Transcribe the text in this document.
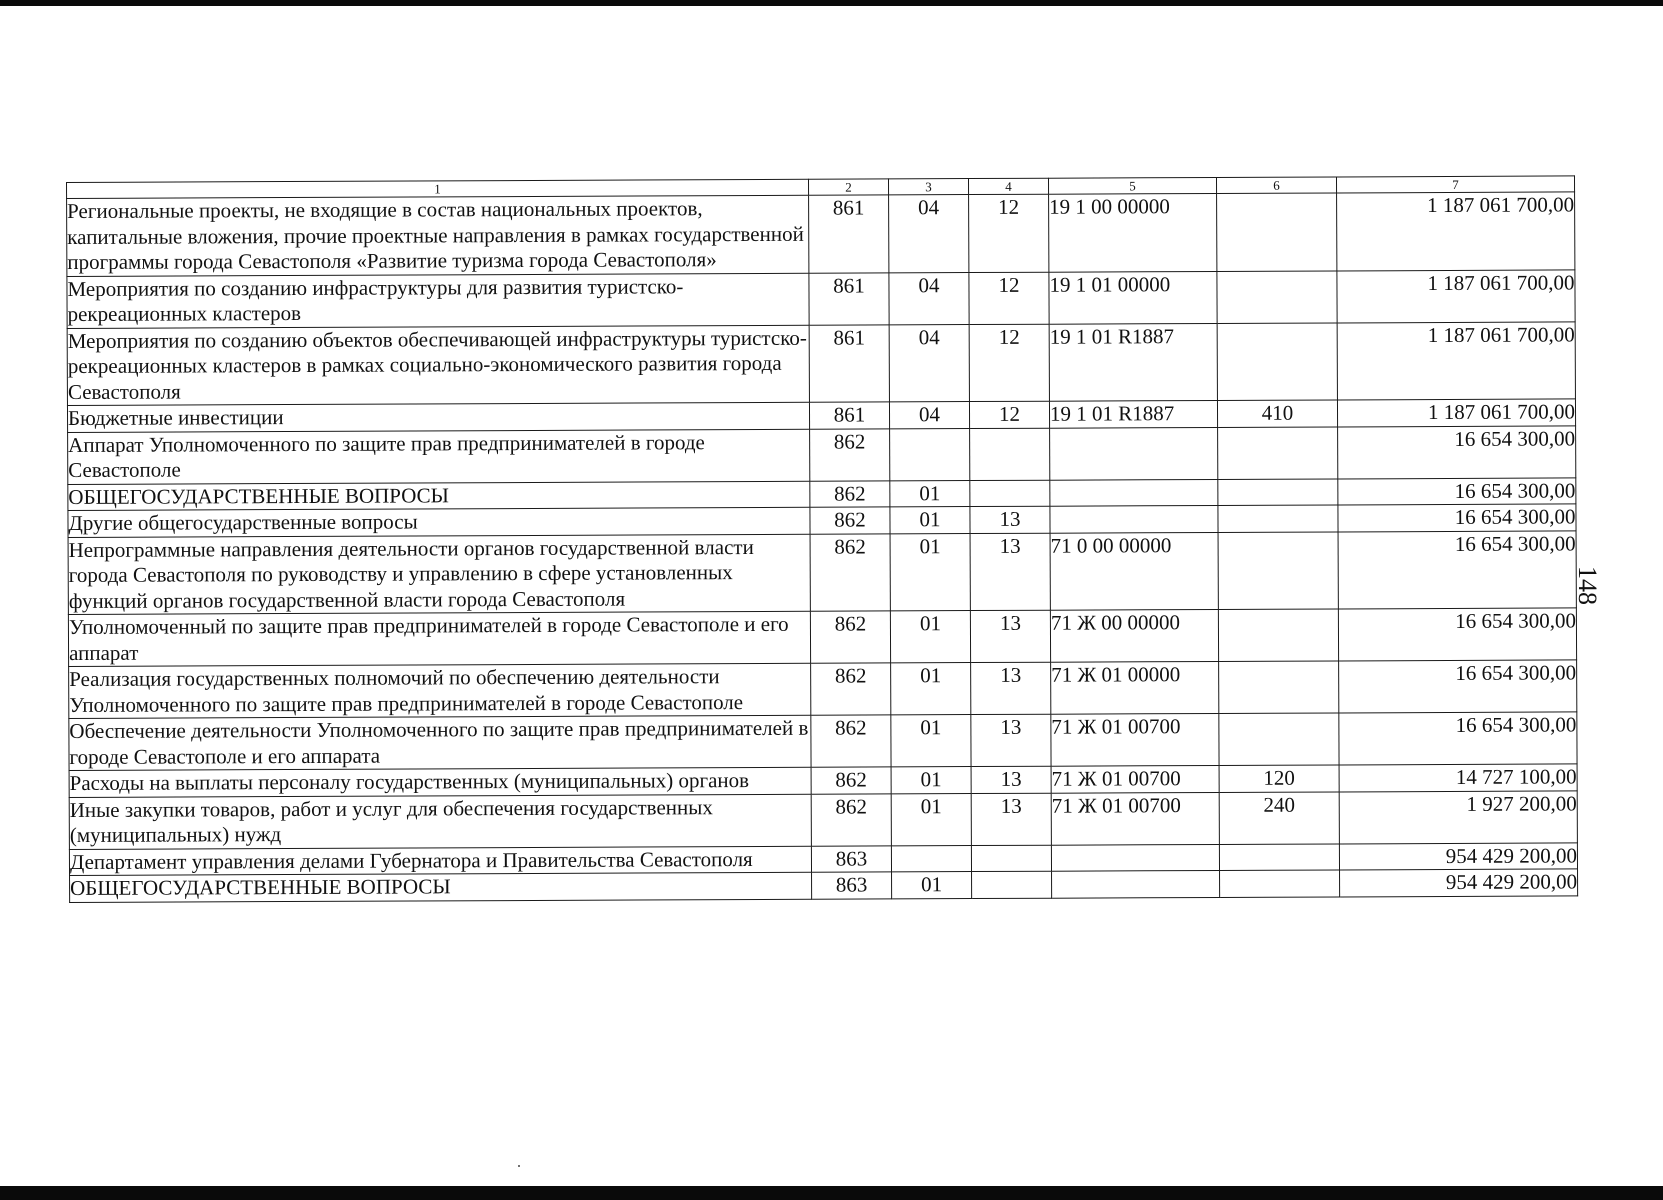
1	2	3	4	5	6	7
Региональные проекты, не входящие в состав национальных проектов, капитальные вложения, прочие проектные направления в рамках государственной программы города Севастополя «Развитие туризма города Севастополя»	861	04	12	19 1 00 00000		1 187 061 700,00
Мероприятия по созданию инфраструктуры для развития туристско-рекреационных кластеров	861	04	12	19 1 01 00000		1 187 061 700,00
Мероприятия по созданию объектов обеспечивающей инфраструктуры туристско-рекреационных кластеров в рамках социально-экономического развития города Севастополя	861	04	12	19 1 01 R1887		1 187 061 700,00
Бюджетные инвестиции	861	04	12	19 1 01 R1887	410	1 187 061 700,00
Аппарат Уполномоченного по защите прав предпринимателей в городе Севастополе	862					16 654 300,00
ОБЩЕГОСУДАРСТВЕННЫЕ ВОПРОСЫ	862	01				16 654 300,00
Другие общегосударственные вопросы	862	01	13			16 654 300,00
Непрограммные направления деятельности органов государственной власти города Севастополя по руководству и управлению в сфере установленных функций органов государственной власти города Севастополя	862	01	13	71 0 00 00000		16 654 300,00
Уполномоченный по защите прав предпринимателей в городе Севастополе и его аппарат	862	01	13	71 Ж 00 00000		16 654 300,00
Реализация государственных полномочий по обеспечению деятельности Уполномоченного по защите прав предпринимателей в городе Севастополе	862	01	13	71 Ж 01 00000		16 654 300,00
Обеспечение деятельности Уполномоченного по защите прав предпринимателей в городе Севастополе и его аппарата	862	01	13	71 Ж 01 00700		16 654 300,00
Расходы на выплаты персоналу государственных (муниципальных) органов	862	01	13	71 Ж 01 00700	120	14 727 100,00
Иные закупки товаров, работ и услуг для обеспечения государственных (муниципальных) нужд	862	01	13	71 Ж 01 00700	240	1 927 200,00
Департамент управления делами Губернатора и Правительства Севастополя	863					954 429 200,00
ОБЩЕГОСУДАРСТВЕННЫЕ ВОПРОСЫ	863	01				954 429 200,00
148
